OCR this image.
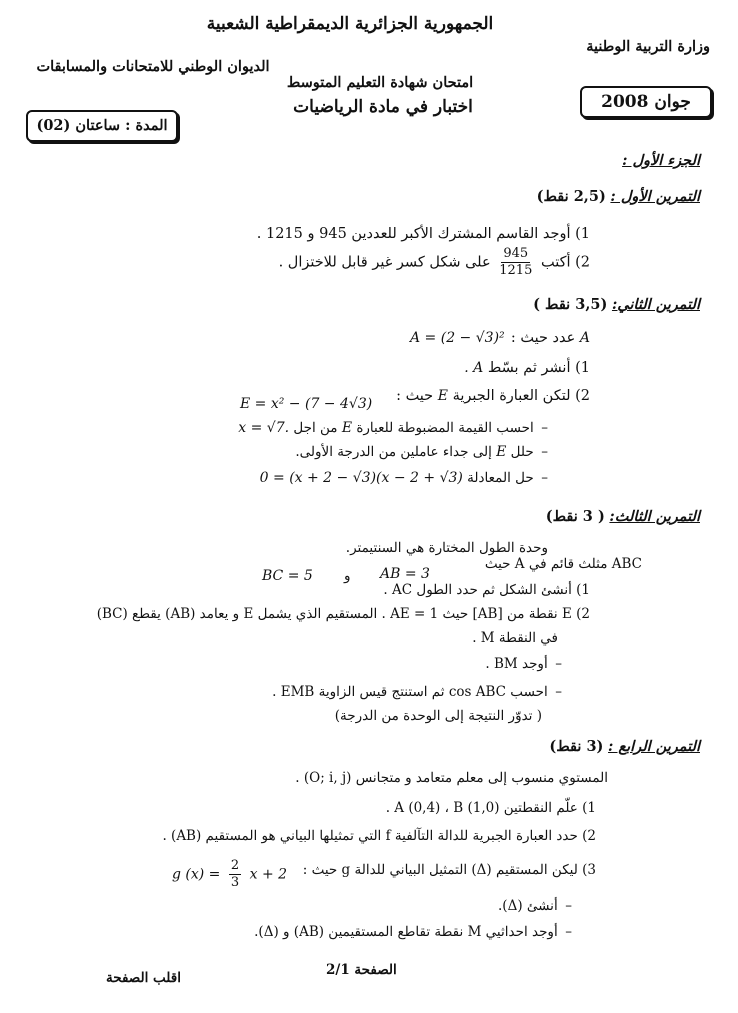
الجمهورية الجزائرية الديمقراطية الشعبية
وزارة التربية الوطنية
الديوان الوطني للامتحانات والمسابقات
امتحان شهادة التعليم المتوسط
اختبار في مادة الرياضيات	جوان 2008
المدة : ساعتان (02)
الجزء الأول :
التمرين الأول : (2,5 نقط)
1) أوجد القاسم المشترك الأكبر للعددين 945 و 1215 .
2) أكتب
$\frac{945}{1215}$
على شكل كسر غير قابل للاختزال .
التمرين الثاني: (3,5 نقط )
A عدد حيث :
A = (2 − √3)²
1) أنشر ثم بسّط A .
2) لتكن العبارة الجبرية E حيث :
E = x² − (7 − 4√3)
– احسب القيمة المضبوطة للعبارة E من اجل .x = √7
– حلل E إلى جداء عاملين من الدرجة الأولى.
– حل المعادلة (x − 2 + √3)(x + 2 − √3) = 0
التمرين الثالث: ( 3 نقط)
وحدة الطول المختارة هي السنتيمتر.
ABC مثلث قائم في A حيث
AB = 3
و
BC = 5
1) أنشئ الشكل ثم حدد الطول AC .
2) E نقطة من [AB] حيث AE = 1 . المستقيم الذي يشمل E و يعامد (AB) يقطع (BC)
في النقطة M .
– أوجد BM .
– احسب cos ABC ثم استنتج قيس الزاوية EMB .
( تدوّر النتيجة إلى الوحدة من الدرجة)
التمرين الرابع : (3 نقط)
المستوي منسوب إلى معلم متعامد و متجانس (O; i, j) .
1) علّم النقطتين A (0,4) ، B (1,0) .
2) حدد العبارة الجبرية للدالة التآلفية f التي تمثيلها البياني هو المستقيم (AB) .
3) ليكن المستقيم (Δ) التمثيل البياني للدالة g حيث :
g $(x) = \frac{2}{3}$ x + 2
– أنشئ (Δ).
– أوجد احداثيي M نقطة تقاطع المستقيمين (AB) و (Δ).
الصفحة 2/1
اقلب الصفحة
